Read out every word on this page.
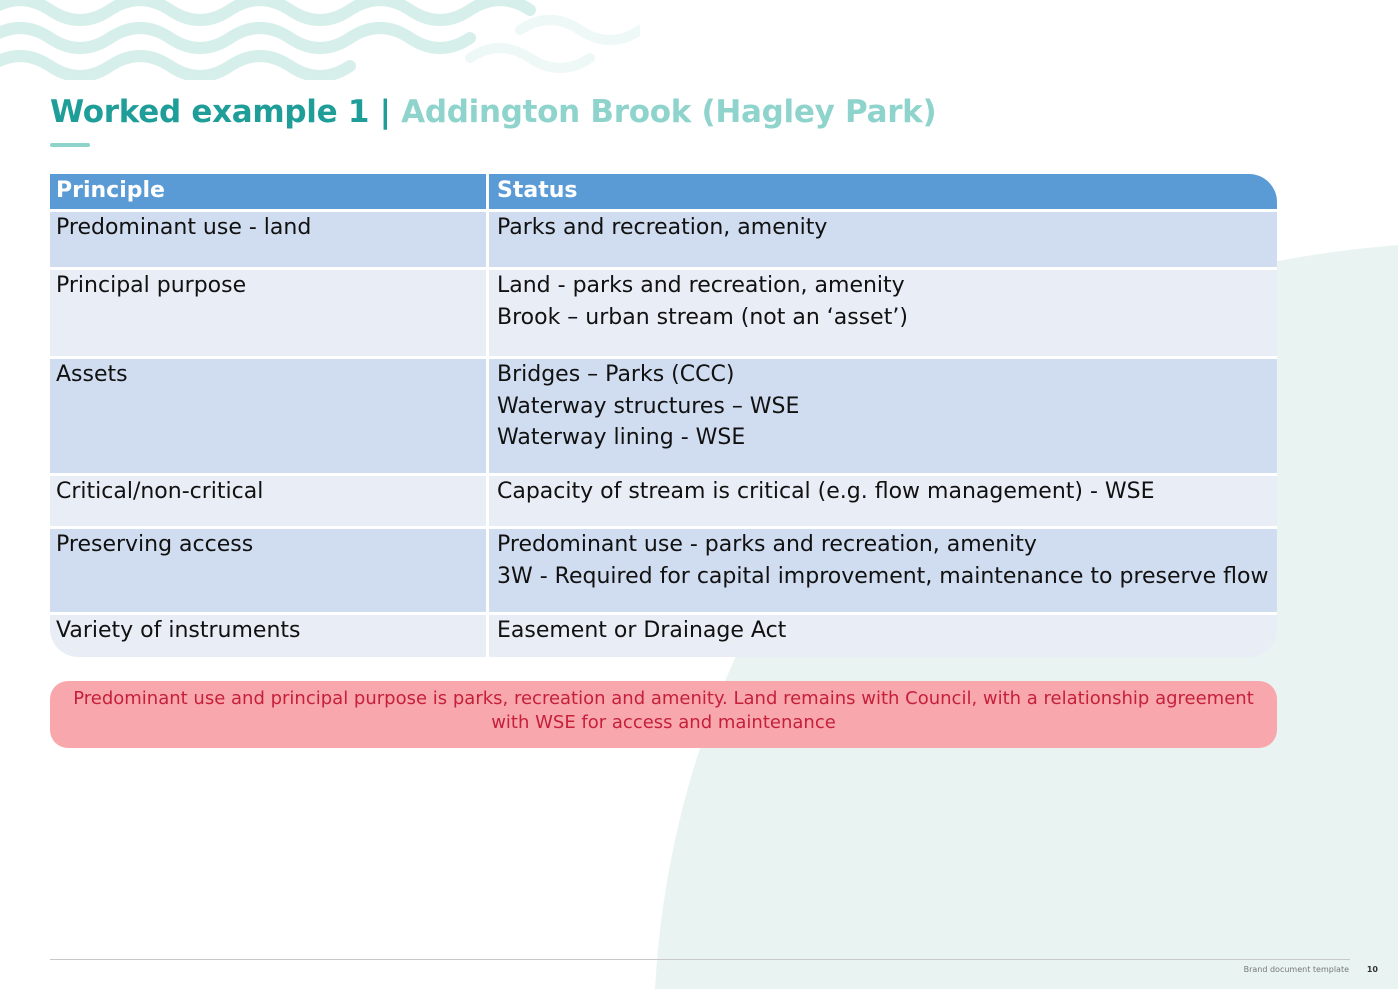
Worked example 1 | Addington Brook (Hagley Park)
Principle	Status
Predominant use - land	Parks and recreation, amenity
Principal purpose	Land - parks and recreation, amenity
Brook – urban stream (not an ‘asset’)
Assets	Bridges – Parks (CCC)
Waterway structures – WSE
Waterway lining - WSE
Critical/non-critical	Capacity of stream is critical (e.g. flow management) - WSE
Preserving access	Predominant use - parks and recreation, amenity
3W - Required for capital improvement, maintenance to preserve flow
Variety of instruments	Easement or Drainage Act
Predominant use and principal purpose is parks, recreation and amenity. Land remains with Council, with a relationship agreement with WSE for access and maintenance
Brand document template 10
